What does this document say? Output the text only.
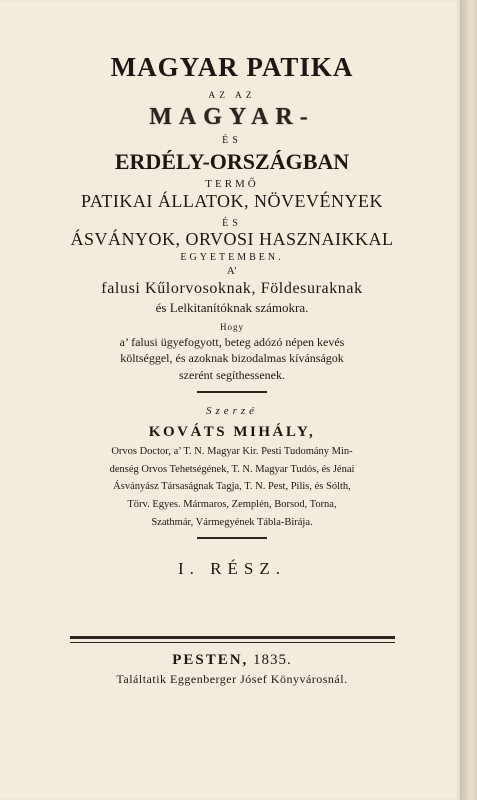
MAGYAR PATIKA
AZ AZ
MAGYAR-
ÉS
ERDÉLY-ORSZÁGBAN
TERMŐ
PATIKAI ÁLLATOK, NÖVEVÉNYEK
ÉS
ÁSVÁNYOK, ORVOSI HASZNAIKKAL
EGYETEMBEN.
A’
falusi Kűlorvosoknak, Földesuraknak
és Lelkitanítóknak számokra.
Hogy
a’ falusi ügyefogyott, beteg adózó népen kevés
költséggel, és azoknak bizodalmas kívánságok
szerént segíthessenek.
Szerzé
KOVÁTS MIHÁLY,
Orvos Doctor, a’ T. N. Magyar Kir. Pesti Tudomány Min-
denség Orvos Tehetségének, T. N. Magyar Tudós, és Jénai
Ásványász Társaságnak Tagja, T. N. Pest, Pilis, és Sólth,
Törv. Egyes. Mármaros, Zemplén, Borsod, Torna,
Szathmár, Vármegyének Tábla-Birája.
I. RÉSZ.
PESTEN, 1835.
Találtatik Eggenberger Jósef Könyvárosnál.
